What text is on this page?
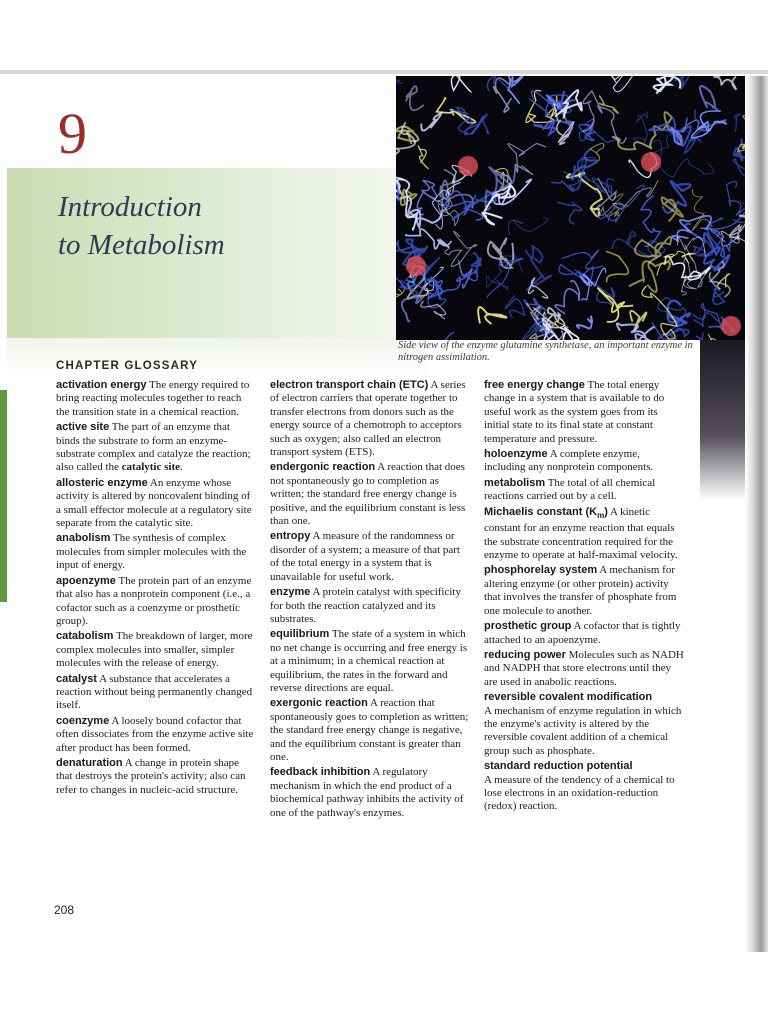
9
Introduction
to Metabolism
Side view of the enzyme glutamine synthetase, an important enzyme in nitrogen assimilation.
CHAPTER GLOSSARY

activation energy The energy required to bring reacting molecules together to reach the transition state in a chemical reaction.

active site The part of an enzyme that binds the substrate to form an enzyme-substrate complex and catalyze the reaction; also called the catalytic site.

allosteric enzyme An enzyme whose activity is altered by noncovalent binding of a small effector molecule at a regulatory site separate from the catalytic site.

anabolism The synthesis of complex molecules from simpler molecules with the input of energy.

apoenzyme The protein part of an enzyme that also has a nonprotein component (i.e., a cofactor such as a coenzyme or prosthetic group).

catabolism The breakdown of larger, more complex molecules into smaller, simpler molecules with the release of energy.

catalyst A substance that accelerates a reaction without being permanently changed itself.

coenzyme A loosely bound cofactor that often dissociates from the enzyme active site after product has been formed.

denaturation A change in protein shape that destroys the protein's activity; also can refer to changes in nucleic-acid structure.

electron transport chain (ETC) A series of electron carriers that operate together to transfer electrons from donors such as the energy source of a chemotroph to acceptors such as oxygen; also called an electron transport system (ETS).

endergonic reaction A reaction that does not spontaneously go to completion as written; the standard free energy change is positive, and the equilibrium constant is less than one.

entropy A measure of the randomness or disorder of a system; a measure of that part of the total energy in a system that is unavailable for useful work.

enzyme A protein catalyst with specificity for both the reaction catalyzed and its substrates.

equilibrium The state of a system in which no net change is occurring and free energy is at a minimum; in a chemical reaction at equilibrium, the rates in the forward and reverse directions are equal.

exergonic reaction A reaction that spontaneously goes to completion as written; the standard free energy change is negative, and the equilibrium constant is greater than one.

feedback inhibition A regulatory mechanism in which the end product of a biochemical pathway inhibits the activity of one of the pathway's enzymes.

free energy change The total energy change in a system that is available to do useful work as the system goes from its initial state to its final state at constant temperature and pressure.

holoenzyme A complete enzyme, including any nonprotein components.

metabolism The total of all chemical reactions carried out by a cell.

Michaelis constant $(K_m)$ A kinetic constant for an enzyme reaction that equals the substrate concentration required for the enzyme to operate at half-maximal velocity.

phosphorelay system A mechanism for altering enzyme (or other protein) activity that involves the transfer of phosphate from one molecule to another.

prosthetic group A cofactor that is tightly attached to an apoenzyme.

reducing power Molecules such as NADH and NADPH that store electrons until they are used in anabolic reactions.

reversible covalent modification
A mechanism of enzyme regulation in which the enzyme's activity is altered by the reversible covalent addition of a chemical group such as phosphate.

standard reduction potential
A measure of the tendency of a chemical to lose electrons in an oxidation-reduction (redox) reaction.

208
